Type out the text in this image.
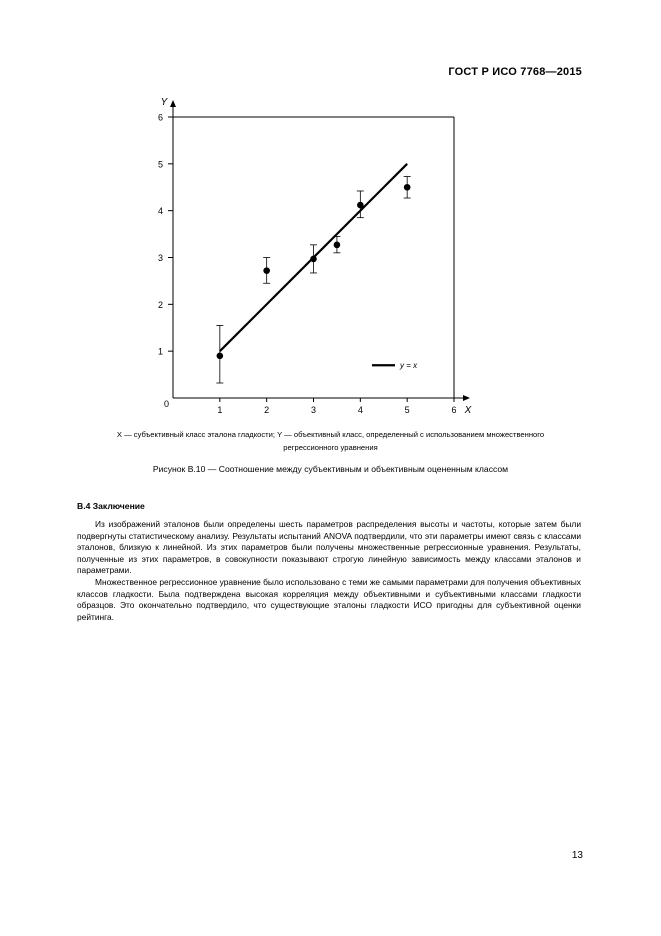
ГОСТ Р ИСО 7768—2015
1
2
3
4
5
6
1	2	3	4	5	6
0
y = x
Y
X
X — субъективный класс эталона гладкости; Y — объективный класс, определенный с использованием множественного
регрессионного уравнения
Рисунок В.10 — Соотношение между субъективным и объективным оцененным классом
В.4 Заключение

Из изображений эталонов были определены шесть параметров распределения высоты и частоты, которые затем были подвергнуты статистическому анализу. Результаты испытаний ANOVA подтвердили, что эти параметры имеют связь с классами эталонов, близкую к линейной. Из этих параметров были получены множественные регрессионные уравнения. Результаты, полученные из этих параметров, в совокупности показывают строгую линейную зависимость между классами эталонов и параметрами.

Множественное регрессионное уравнение было использовано с теми же самыми параметрами для получения объективных классов гладкости. Была подтверждена высокая корреляция между объективными и субъективными классами гладкости образцов. Это окончательно подтвердило, что существующие эталоны гладкости ИСО пригодны для субъективной оценки рейтинга.

13
